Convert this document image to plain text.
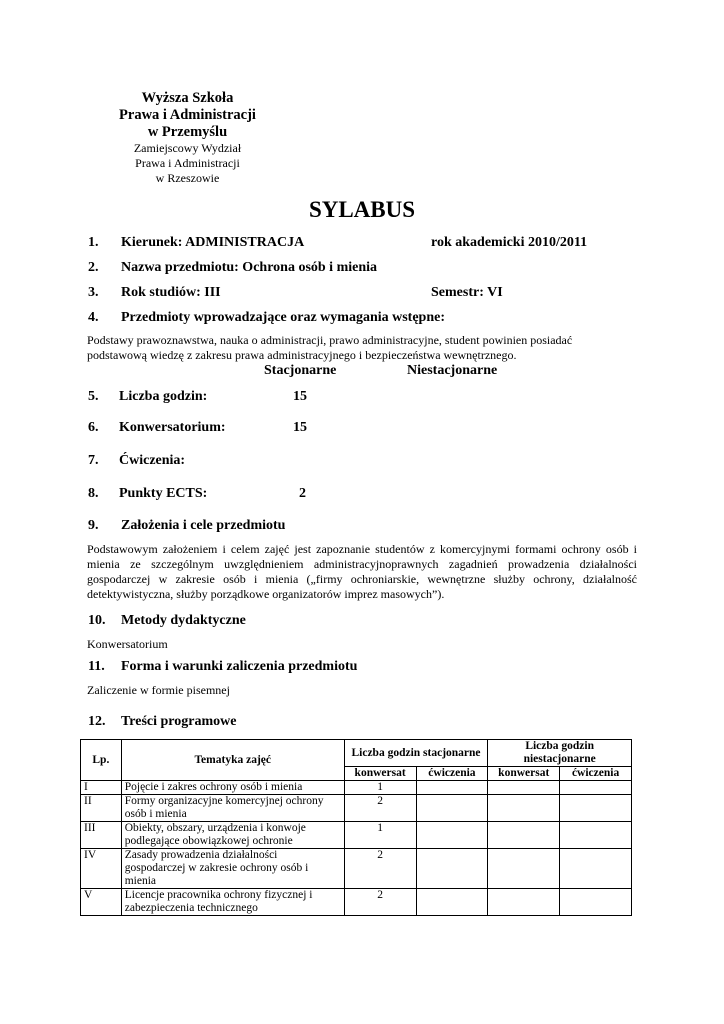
Wyższa Szkoła
Prawa i Administracji
w Przemyślu
Zamiejscowy Wydział
Prawa i Administracji
w Rzeszowie
SYLABUS
1. Kierunek: ADMINISTRACJA	rok akademicki 2010/2011
2. Nazwa przedmiotu: Ochrona osób i mienia
3. Rok studiów: III	Semestr: VI
4. Przedmioty wprowadzające oraz wymagania wstępne:
Podstawy prawoznawstwa, nauka o administracji, prawo administracyjne, student powinien posiadać podstawową wiedzę z zakresu prawa administracyjnego i bezpieczeństwa wewnętrznego.
Stacjonarne	Niestacjonarne
5. Liczba godzin:	15
6. Konwersatorium:	15
7. Ćwiczenia:
8. Punkty ECTS:	2
9. Założenia i cele przedmiotu
Podstawowym założeniem i celem zajęć jest zapoznanie studentów z komercyjnymi formami ochrony osób i mienia ze szczególnym uwzględnieniem administracyjnoprawnych zagadnień prowadzenia działalności gospodarczej w zakresie osób i mienia („firmy ochroniarskie, wewnętrzne służby ochrony, działalność detektywistyczna, służby porządkowe organizatorów imprez masowych”).
10. Metody dydaktyczne
Konwersatorium
11. Forma i warunki zaliczenia przedmiotu
Zaliczenie w formie pisemnej
12. Treści programowe
Lp.	Tematyka zajęć	Liczba godzin stacjonarne		Liczba godzin niestacjonarne	
		konwersat	ćwiczenia	konwersat	ćwiczenia
I	Pojęcie i zakres ochrony osób i mienia	1			
II	Formy organizacyjne komercyjnej ochrony osób i mienia	2			
III	Obiekty, obszary, urządzenia i konwoje podlegające obowiązkowej ochronie	1			
IV	Zasady prowadzenia działalności gospodarczej w zakresie ochrony osób i mienia	2			
V	Licencje pracownika ochrony fizycznej i zabezpieczenia technicznego	2			
